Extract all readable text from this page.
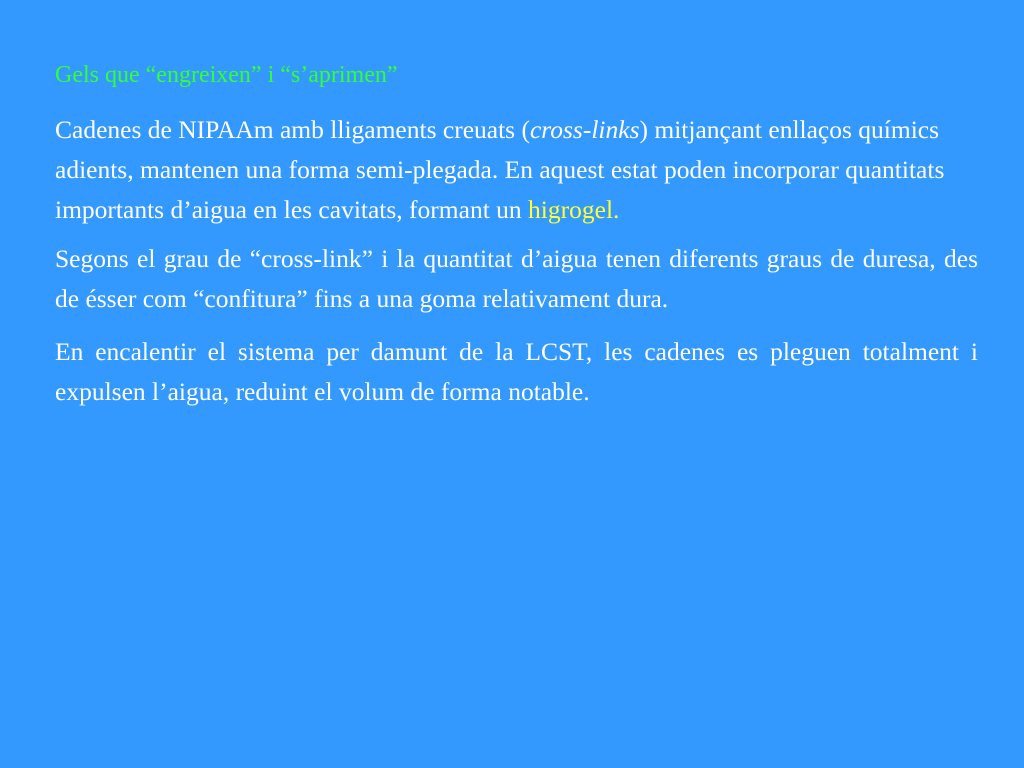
Gels que “engreixen” i “s’aprimen”

Cadenes de NIPAAm amb lligaments creuats (cross-links) mitjançant enllaços químics adients, mantenen una forma semi-plegada. En aquest estat poden incorporar quantitats importants d’aigua en les cavitats, formant un higrogel.

Segons el grau de “cross-link” i la quantitat d’aigua tenen diferents graus de duresa, des de ésser com “confitura” fins a una goma relativament dura.

En encalentir el sistema per damunt de la LCST, les cadenes es pleguen totalment i expulsen l’aigua, reduint el volum de forma notable.
